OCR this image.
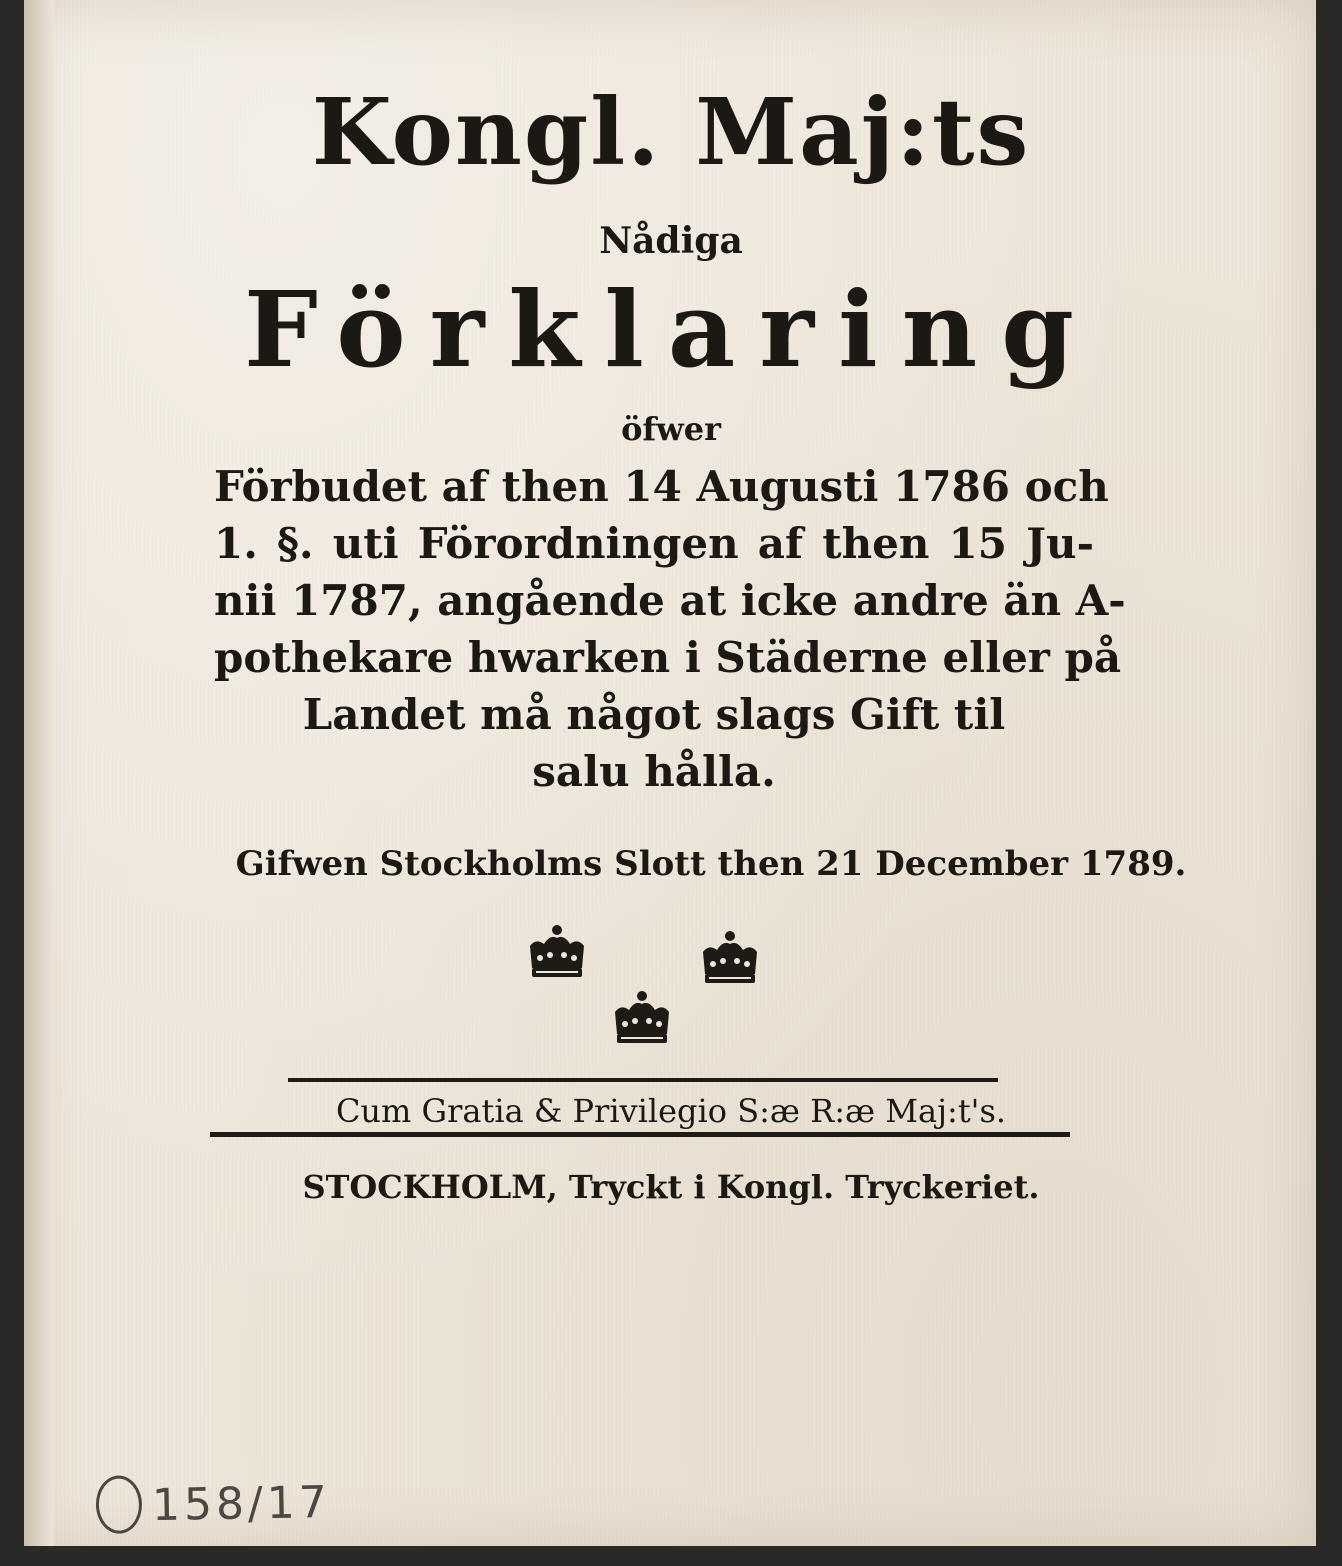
Kongl. Maj:ts
Nådiga
Förklaring
öfwer
Förbudet af then 14 Augusti 1786 och
1. §. uti Förordningen af then 15 Ju-
nii 1787, angående at icke andre än A-
pothekare hwarken i Städerne eller på
Landet må något slags Gift til
salu hålla.
Gifwen Stockholms Slott then 21 December 1789.
Cum Gratia & Privilegio S:æ R:æ Maj:t's.
STOCKHOLM, Tryckt i Kongl. Tryckeriet.
158/17
